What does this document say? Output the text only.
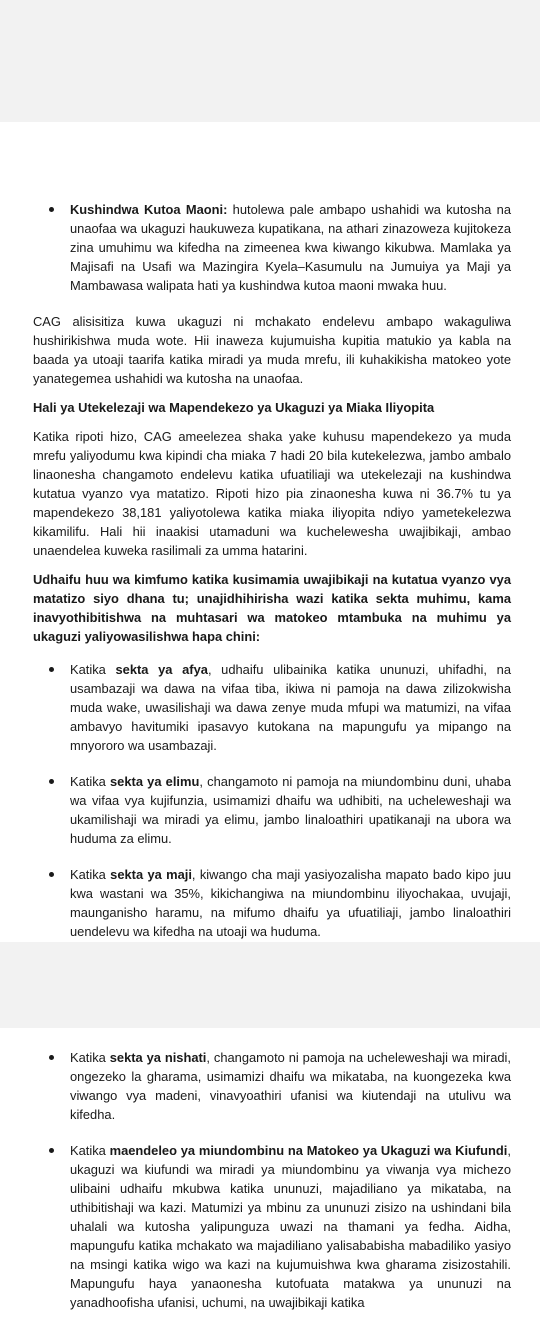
Kushindwa Kutoa Maoni: hutolewa pale ambapo ushahidi wa kutosha na unaofaa wa ukaguzi haukuweza kupatikana, na athari zinazoweza kujitokeza zina umuhimu wa kifedha na zimeenea kwa kiwango kikubwa. Mamlaka ya Majisafi na Usafi wa Mazingira Kyela–Kasumulu na Jumuiya ya Maji ya Mambawasa walipata hati ya kushindwa kutoa maoni mwaka huu.

CAG alisisitiza kuwa ukaguzi ni mchakato endelevu ambapo wakaguliwa hushirikishwa muda wote. Hii inaweza kujumuisha kupitia matukio ya kabla na baada ya utoaji taarifa katika miradi ya muda mrefu, ili kuhakikisha matokeo yote yanategemea ushahidi wa kutosha na unaofaa.

Hali ya Utekelezaji wa Mapendekezo ya Ukaguzi ya Miaka Iliyopita

Katika ripoti hizo, CAG ameelezea shaka yake kuhusu mapendekezo ya muda mrefu yaliyodumu kwa kipindi cha miaka 7 hadi 20 bila kutekelezwa, jambo ambalo linaonesha changamoto endelevu katika ufuatiliaji wa utekelezaji na kushindwa kutatua vyanzo vya matatizo. Ripoti hizo pia zinaonesha kuwa ni 36.7% tu ya mapendekezo 38,181 yaliyotolewa katika miaka iliyopita ndiyo yametekelezwa kikamilifu. Hali hii inaakisi utamaduni wa kuchelewesha uwajibikaji, ambao unaendelea kuweka rasilimali za umma hatarini.

Udhaifu huu wa kimfumo katika kusimamia uwajibikaji na kutatua vyanzo vya matatizo siyo dhana tu; unajidhihirisha wazi katika sekta muhimu, kama inavyothibitishwa na muhtasari wa matokeo mtambuka na muhimu ya ukaguzi yaliyowasilishwa hapa chini:

Katika sekta ya afya, udhaifu ulibainika katika ununuzi, uhifadhi, na usambazaji wa dawa na vifaa tiba, ikiwa ni pamoja na dawa zilizokwisha muda wake, uwasilishaji wa dawa zenye muda mfupi wa matumizi, na vifaa ambavyo havitumiki ipasavyo kutokana na mapungufu ya mipango na mnyororo wa usambazaji.

Katika sekta ya elimu, changamoto ni pamoja na miundombinu duni, uhaba wa vifaa vya kujifunzia, usimamizi dhaifu wa udhibiti, na ucheleweshaji wa ukamilishaji wa miradi ya elimu, jambo linaloathiri upatikanaji na ubora wa huduma za elimu.

Katika sekta ya maji, kiwango cha maji yasiyozalisha mapato bado kipo juu kwa wastani wa 35%, kikichangiwa na miundombinu iliyochakaa, uvujaji, maunganisho haramu, na mifumo dhaifu ya ufuatiliaji, jambo linaloathiri uendelevu wa kifedha na utoaji wa huduma.

Katika sekta ya nishati, changamoto ni pamoja na ucheleweshaji wa miradi, ongezeko la gharama, usimamizi dhaifu wa mikataba, na kuongezeka kwa viwango vya madeni, vinavyoathiri ufanisi wa kiutendaji na utulivu wa kifedha.

Katika maendeleo ya miundombinu na Matokeo ya Ukaguzi wa Kiufundi, ukaguzi wa kiufundi wa miradi ya miundombinu ya viwanja vya michezo ulibaini udhaifu mkubwa katika ununuzi, majadiliano ya mikataba, na uthibitishaji wa kazi. Matumizi ya mbinu za ununuzi zisizo na ushindani bila uhalali wa kutosha yalipunguza uwazi na thamani ya fedha. Aidha, mapungufu katika mchakato wa majadiliano yalisababisha mabadiliko yasiyo na msingi katika wigo wa kazi na kujumuishwa kwa gharama zisizostahili. Mapungufu haya yanaonesha kutofuata matakwa ya ununuzi na yanadhoofisha ufanisi, uchumi, na uwajibikaji katika
